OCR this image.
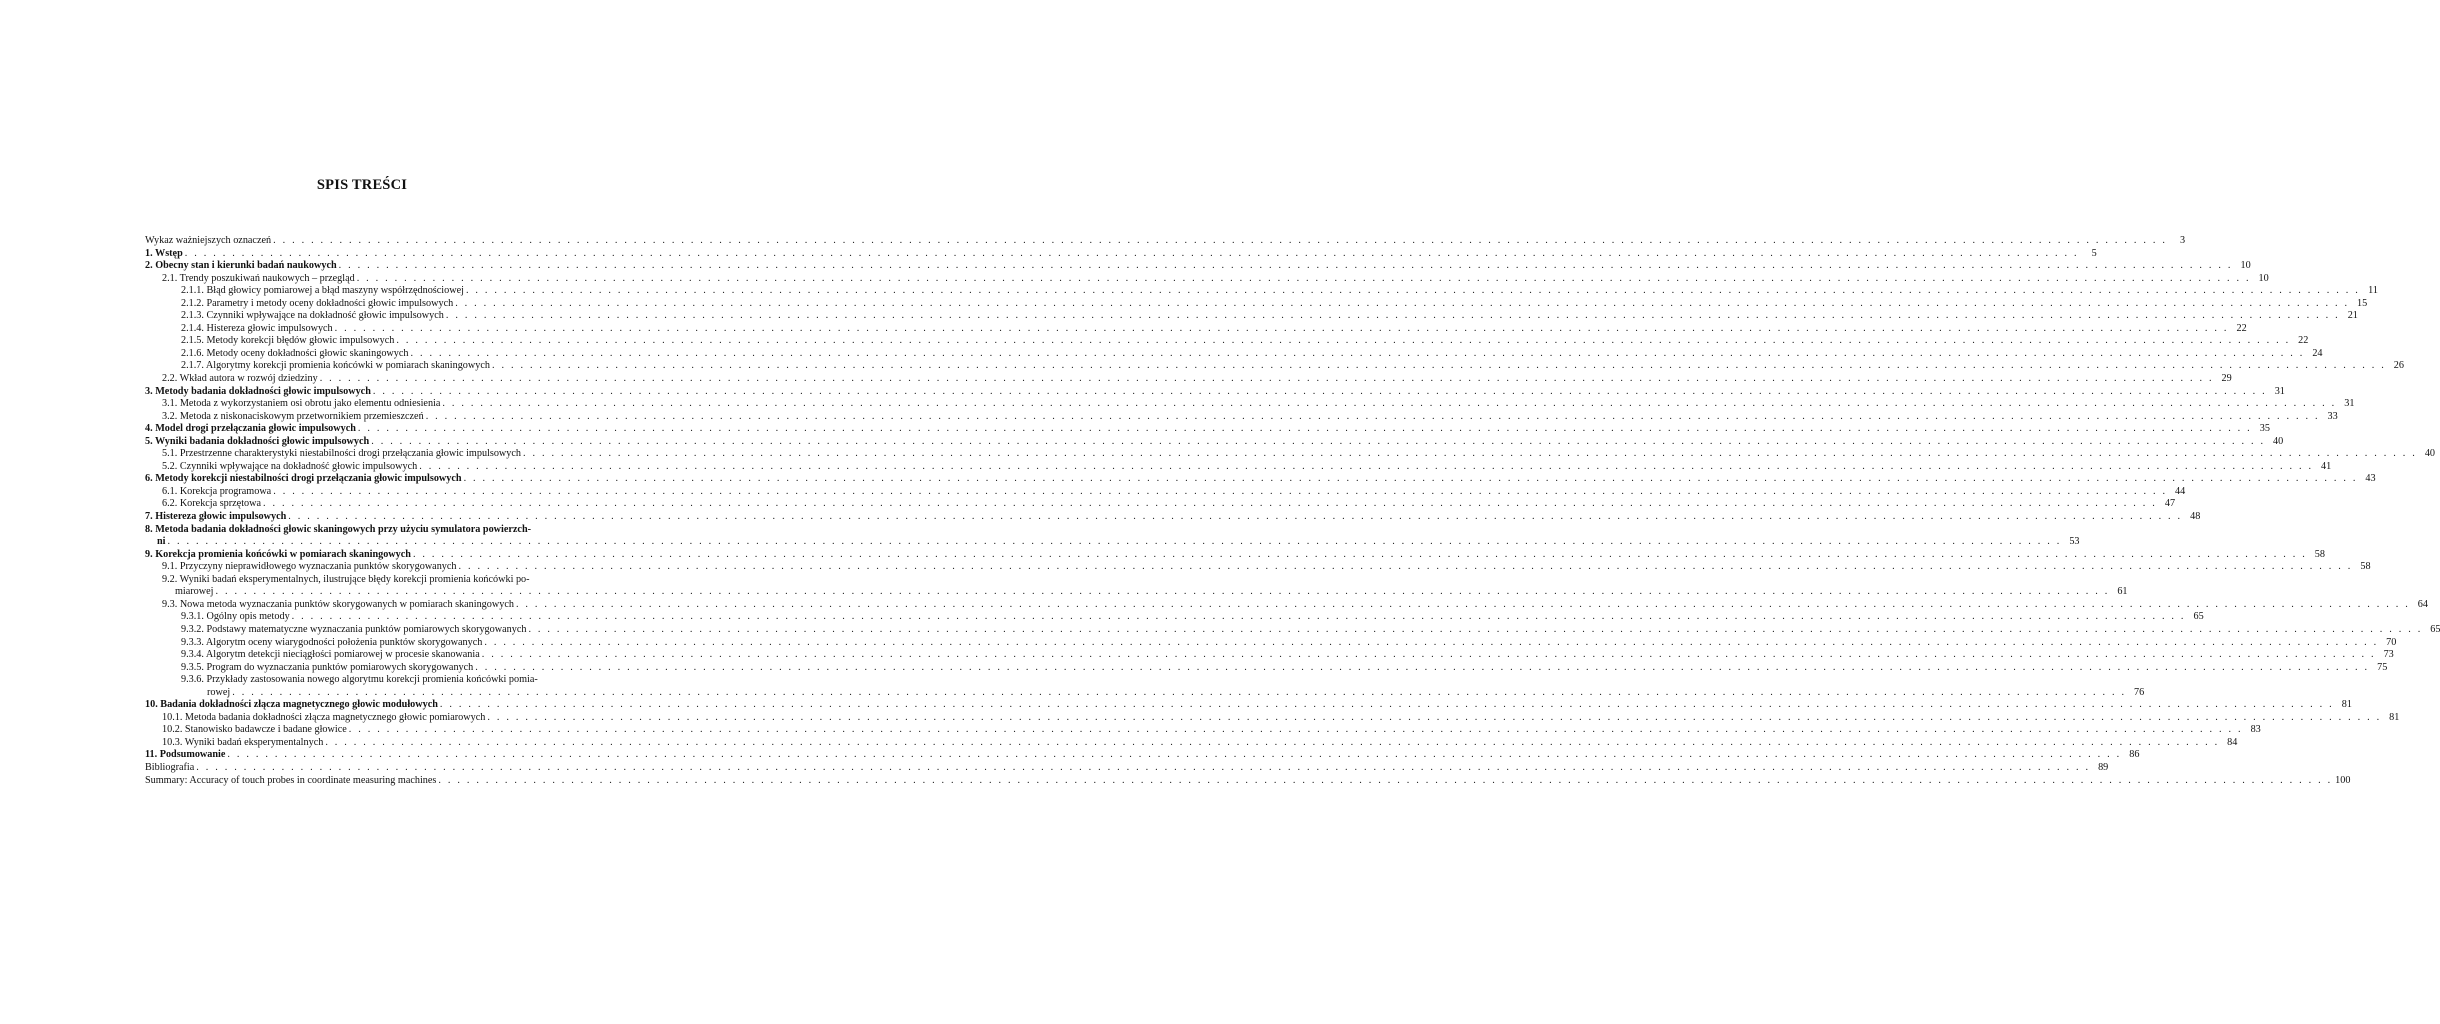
SPIS TREŚCI
Wykaz ważniejszych oznaczeń . . . . . . . . . . . . . . . . . . . . . . . . . . . . . . . . . . . . . . . . . . . . . . . . . . . . . . . . . . . . . . . . . . . . . . . . . . . . . . . . . . . . . . . . . . . . . . . . . . . . . . . . . . . . . . . . . . . . . . . . . . . . . . . . . . . . . . . . . . . . . . . . . . . . . . . . . . . . . . . . . . . . . . . . . . . . . . . . . . . . . . . . . . . . . . . . . . . . . . . .	3
1. Wstęp . . . . . . . . . . . . . . . . . . . . . . . . . . . . . . . . . . . . . . . . . . . . . . . . . . . . . . . . . . . . . . . . . . . . . . . . . . . . . . . . . . . . . . . . . . . . . . . . . . . . . . . . . . . . . . . . . . . . . . . . . . . . . . . . . . . . . . . . . . . . . . . . . . . . . . . . . . . . . . . . . . . . . . . . . . . . . . . . . . . . . . . . . . . . . . . . . . . . . . . .	5
2. Obecny stan i kierunki badań naukowych . . . . . . . . . . . . . . . . . . . . . . . . . . . . . . . . . . . . . . . . . . . . . . . . . . . . . . . . . . . . . . . . . . . . . . . . . . . . . . . . . . . . . . . . . . . . . . . . . . . . . . . . . . . . . . . . . . . . . . . . . . . . . . . . . . . . . . . . . . . . . . . . . . . . . . . . . . . . . . . . . . . . . . . . . . . . . . . . . . . . . . . . . . . . . . . . . . . . . . . . 10
2.1. Trendy poszukiwań naukowych – przegląd . . . . . . . . . . . . . . . . . . . . . . . . . . . . . . . . . . . . . . . . . . . . . . . . . . . . . . . . . . . . . . . . . . . . . . . . . . . . . . . . . . . . . . . . . . . . . . . . . . . . . . . . . . . . . . . . . . . . . . . . . . . . . . . . . . . . . . . . . . . . . . . . . . . . . . . . . . . . . . . . . . . . . . . . . . . . . . . . . . . . . . . . . . . . . . . . . . . . . . . . 10
2.1.1. Błąd głowicy pomiarowej a błąd maszyny współrzędnościowej . . . . . . . . . . . . . . . . . . . . . . . . . . . . . . . . . . . . . . . . . . . . . . . . . . . . . . . . . . . . . . . . . . . . . . . . . . . . . . . . . . . . . . . . . . . . . . . . . . . . . . . . . . . . . . . . . . . . . . . . . . . . . . . . . . . . . . . . . . . . . . . . . . . . . . . . . . . . . . . . . . . . . . . . . . . . . . . . . . . . . . . . . . . . . . . . . . . . . . . . 11
2.1.2. Parametry i metody oceny dokładności głowic impulsowych . . . . . . . . . . . . . . . . . . . . . . . . . . . . . . . . . . . . . . . . . . . . . . . . . . . . . . . . . . . . . . . . . . . . . . . . . . . . . . . . . . . . . . . . . . . . . . . . . . . . . . . . . . . . . . . . . . . . . . . . . . . . . . . . . . . . . . . . . . . . . . . . . . . . . . . . . . . . . . . . . . . . . . . . . . . . . . . . . . . . . . . . . . . . . . . . . . . . . . . . 15
2.1.3. Czynniki wpływające na dokładność głowic impulsowych . . . . . . . . . . . . . . . . . . . . . . . . . . . . . . . . . . . . . . . . . . . . . . . . . . . . . . . . . . . . . . . . . . . . . . . . . . . . . . . . . . . . . . . . . . . . . . . . . . . . . . . . . . . . . . . . . . . . . . . . . . . . . . . . . . . . . . . . . . . . . . . . . . . . . . . . . . . . . . . . . . . . . . . . . . . . . . . . . . . . . . . . . . . . . . . . . . . . . . . . 21
2.1.4. Histereza głowic impulsowych . . . . . . . . . . . . . . . . . . . . . . . . . . . . . . . . . . . . . . . . . . . . . . . . . . . . . . . . . . . . . . . . . . . . . . . . . . . . . . . . . . . . . . . . . . . . . . . . . . . . . . . . . . . . . . . . . . . . . . . . . . . . . . . . . . . . . . . . . . . . . . . . . . . . . . . . . . . . . . . . . . . . . . . . . . . . . . . . . . . . . . . . . . . . . . . . . . . . . . . . 22
2.1.5. Metody korekcji błędów głowic impulsowych . . . . . . . . . . . . . . . . . . . . . . . . . . . . . . . . . . . . . . . . . . . . . . . . . . . . . . . . . . . . . . . . . . . . . . . . . . . . . . . . . . . . . . . . . . . . . . . . . . . . . . . . . . . . . . . . . . . . . . . . . . . . . . . . . . . . . . . . . . . . . . . . . . . . . . . . . . . . . . . . . . . . . . . . . . . . . . . . . . . . . . . . . . . . . . . . . . . . . . . . 22
2.1.6. Metody oceny dokładności głowic skaningowych . . . . . . . . . . . . . . . . . . . . . . . . . . . . . . . . . . . . . . . . . . . . . . . . . . . . . . . . . . . . . . . . . . . . . . . . . . . . . . . . . . . . . . . . . . . . . . . . . . . . . . . . . . . . . . . . . . . . . . . . . . . . . . . . . . . . . . . . . . . . . . . . . . . . . . . . . . . . . . . . . . . . . . . . . . . . . . . . . . . . . . . . . . . . . . . . . . . . . . . . 24
2.1.7. Algorytmy korekcji promienia końcówki w pomiarach skaningowych . . . . . . . . . . . . . . . . . . . . . . . . . . . . . . . . . . . . . . . . . . . . . . . . . . . . . . . . . . . . . . . . . . . . . . . . . . . . . . . . . . . . . . . . . . . . . . . . . . . . . . . . . . . . . . . . . . . . . . . . . . . . . . . . . . . . . . . . . . . . . . . . . . . . . . . . . . . . . . . . . . . . . . . . . . . . . . . . . . . . . . . . . . . . . . . . . . . . . . . . 26
2.2. Wkład autora w rozwój dziedziny . . . . . . . . . . . . . . . . . . . . . . . . . . . . . . . . . . . . . . . . . . . . . . . . . . . . . . . . . . . . . . . . . . . . . . . . . . . . . . . . . . . . . . . . . . . . . . . . . . . . . . . . . . . . . . . . . . . . . . . . . . . . . . . . . . . . . . . . . . . . . . . . . . . . . . . . . . . . . . . . . . . . . . . . . . . . . . . . . . . . . . . . . . . . . . . . . . . . . . . . 29
3. Metody badania dokładności głowic impulsowych . . . . . . . . . . . . . . . . . . . . . . . . . . . . . . . . . . . . . . . . . . . . . . . . . . . . . . . . . . . . . . . . . . . . . . . . . . . . . . . . . . . . . . . . . . . . . . . . . . . . . . . . . . . . . . . . . . . . . . . . . . . . . . . . . . . . . . . . . . . . . . . . . . . . . . . . . . . . . . . . . . . . . . . . . . . . . . . . . . . . . . . . . . . . . . . . . . . . . . . . 31
3.1. Metoda z wykorzystaniem osi obrotu jako elementu odniesienia . . . . . . . . . . . . . . . . . . . . . . . . . . . . . . . . . . . . . . . . . . . . . . . . . . . . . . . . . . . . . . . . . . . . . . . . . . . . . . . . . . . . . . . . . . . . . . . . . . . . . . . . . . . . . . . . . . . . . . . . . . . . . . . . . . . . . . . . . . . . . . . . . . . . . . . . . . . . . . . . . . . . . . . . . . . . . . . . . . . . . . . . . . . . . . . . . . . . . . . . 31
3.2. Metoda z niskonaciskowym przetwornikiem przemieszczeń . . . . . . . . . . . . . . . . . . . . . . . . . . . . . . . . . . . . . . . . . . . . . . . . . . . . . . . . . . . . . . . . . . . . . . . . . . . . . . . . . . . . . . . . . . . . . . . . . . . . . . . . . . . . . . . . . . . . . . . . . . . . . . . . . . . . . . . . . . . . . . . . . . . . . . . . . . . . . . . . . . . . . . . . . . . . . . . . . . . . . . . . . . . . . . . . . . . . . . . . 33
4. Model drogi przełączania głowic impulsowych . . . . . . . . . . . . . . . . . . . . . . . . . . . . . . . . . . . . . . . . . . . . . . . . . . . . . . . . . . . . . . . . . . . . . . . . . . . . . . . . . . . . . . . . . . . . . . . . . . . . . . . . . . . . . . . . . . . . . . . . . . . . . . . . . . . . . . . . . . . . . . . . . . . . . . . . . . . . . . . . . . . . . . . . . . . . . . . . . . . . . . . . . . . . . . . . . . . . . . . . 35
5. Wyniki badania dokładności głowic impulsowych . . . . . . . . . . . . . . . . . . . . . . . . . . . . . . . . . . . . . . . . . . . . . . . . . . . . . . . . . . . . . . . . . . . . . . . . . . . . . . . . . . . . . . . . . . . . . . . . . . . . . . . . . . . . . . . . . . . . . . . . . . . . . . . . . . . . . . . . . . . . . . . . . . . . . . . . . . . . . . . . . . . . . . . . . . . . . . . . . . . . . . . . . . . . . . . . . . . . . . . . 40
5.1. Przestrzenne charakterystyki niestabilności drogi przełączania głowic impulsowych . . . . . . . . . . . . . . . . . . . . . . . . . . . . . . . . . . . . . . . . . . . . . . . . . . . . . . . . . . . . . . . . . . . . . . . . . . . . . . . . . . . . . . . . . . . . . . . . . . . . . . . . . . . . . . . . . . . . . . . . . . . . . . . . . . . . . . . . . . . . . . . . . . . . . . . . . . . . . . . . . . . . . . . . . . . . . . . . . . . . . . . . . . . . . . . . . . . . . . . . 40
5.2. Czynniki wpływające na dokładność głowic impulsowych . . . . . . . . . . . . . . . . . . . . . . . . . . . . . . . . . . . . . . . . . . . . . . . . . . . . . . . . . . . . . . . . . . . . . . . . . . . . . . . . . . . . . . . . . . . . . . . . . . . . . . . . . . . . . . . . . . . . . . . . . . . . . . . . . . . . . . . . . . . . . . . . . . . . . . . . . . . . . . . . . . . . . . . . . . . . . . . . . . . . . . . . . . . . . . . . . . . . . . . . 41
6. Metody korekcji niestabilności drogi przełączania głowic impulsowych . . . . . . . . . . . . . . . . . . . . . . . . . . . . . . . . . . . . . . . . . . . . . . . . . . . . . . . . . . . . . . . . . . . . . . . . . . . . . . . . . . . . . . . . . . . . . . . . . . . . . . . . . . . . . . . . . . . . . . . . . . . . . . . . . . . . . . . . . . . . . . . . . . . . . . . . . . . . . . . . . . . . . . . . . . . . . . . . . . . . . . . . . . . . . . . . . . . . . . . . 43
6.1. Korekcja programowa . . . . . . . . . . . . . . . . . . . . . . . . . . . . . . . . . . . . . . . . . . . . . . . . . . . . . . . . . . . . . . . . . . . . . . . . . . . . . . . . . . . . . . . . . . . . . . . . . . . . . . . . . . . . . . . . . . . . . . . . . . . . . . . . . . . . . . . . . . . . . . . . . . . . . . . . . . . . . . . . . . . . . . . . . . . . . . . . . . . . . . . . . . . . . . . . . . . . . . . . 44
6.2. Korekcja sprzętowa . . . . . . . . . . . . . . . . . . . . . . . . . . . . . . . . . . . . . . . . . . . . . . . . . . . . . . . . . . . . . . . . . . . . . . . . . . . . . . . . . . . . . . . . . . . . . . . . . . . . . . . . . . . . . . . . . . . . . . . . . . . . . . . . . . . . . . . . . . . . . . . . . . . . . . . . . . . . . . . . . . . . . . . . . . . . . . . . . . . . . . . . . . . . . . . . . . . . . . . . 47
7. Histereza głowic impulsowych . . . . . . . . . . . . . . . . . . . . . . . . . . . . . . . . . . . . . . . . . . . . . . . . . . . . . . . . . . . . . . . . . . . . . . . . . . . . . . . . . . . . . . . . . . . . . . . . . . . . . . . . . . . . . . . . . . . . . . . . . . . . . . . . . . . . . . . . . . . . . . . . . . . . . . . . . . . . . . . . . . . . . . . . . . . . . . . . . . . . . . . . . . . . . . . . . . . . . . . . 48
8. Metoda badania dokładności głowic skaningowych przy użyciu symulatora powierzch-
ni . . . . . . . . . . . . . . . . . . . . . . . . . . . . . . . . . . . . . . . . . . . . . . . . . . . . . . . . . . . . . . . . . . . . . . . . . . . . . . . . . . . . . . . . . . . . . . . . . . . . . . . . . . . . . . . . . . . . . . . . . . . . . . . . . . . . . . . . . . . . . . . . . . . . . . . . . . . . . . . . . . . . . . . . . . . . . . . . . . . . . . . . . . . . . . . . . . . . . . . . 53
9. Korekcja promienia końcówki w pomiarach skaningowych . . . . . . . . . . . . . . . . . . . . . . . . . . . . . . . . . . . . . . . . . . . . . . . . . . . . . . . . . . . . . . . . . . . . . . . . . . . . . . . . . . . . . . . . . . . . . . . . . . . . . . . . . . . . . . . . . . . . . . . . . . . . . . . . . . . . . . . . . . . . . . . . . . . . . . . . . . . . . . . . . . . . . . . . . . . . . . . . . . . . . . . . . . . . . . . . . . . . . . . . 58
9.1. Przyczyny nieprawidłowego wyznaczania punktów skorygowanych . . . . . . . . . . . . . . . . . . . . . . . . . . . . . . . . . . . . . . . . . . . . . . . . . . . . . . . . . . . . . . . . . . . . . . . . . . . . . . . . . . . . . . . . . . . . . . . . . . . . . . . . . . . . . . . . . . . . . . . . . . . . . . . . . . . . . . . . . . . . . . . . . . . . . . . . . . . . . . . . . . . . . . . . . . . . . . . . . . . . . . . . . . . . . . . . . . . . . . . . 58
9.2. Wyniki badań eksperymentalnych, ilustrujące błędy korekcji promienia końcówki po-
miarowej . . . . . . . . . . . . . . . . . . . . . . . . . . . . . . . . . . . . . . . . . . . . . . . . . . . . . . . . . . . . . . . . . . . . . . . . . . . . . . . . . . . . . . . . . . . . . . . . . . . . . . . . . . . . . . . . . . . . . . . . . . . . . . . . . . . . . . . . . . . . . . . . . . . . . . . . . . . . . . . . . . . . . . . . . . . . . . . . . . . . . . . . . . . . . . . . . . . . . . . . 61
9.3. Nowa metoda wyznaczania punktów skorygowanych w pomiarach skaningowych . . . . . . . . . . . . . . . . . . . . . . . . . . . . . . . . . . . . . . . . . . . . . . . . . . . . . . . . . . . . . . . . . . . . . . . . . . . . . . . . . . . . . . . . . . . . . . . . . . . . . . . . . . . . . . . . . . . . . . . . . . . . . . . . . . . . . . . . . . . . . . . . . . . . . . . . . . . . . . . . . . . . . . . . . . . . . . . . . . . . . . . . . . . . . . . . . . . . . . . . 64
9.3.1. Ogólny opis metody . . . . . . . . . . . . . . . . . . . . . . . . . . . . . . . . . . . . . . . . . . . . . . . . . . . . . . . . . . . . . . . . . . . . . . . . . . . . . . . . . . . . . . . . . . . . . . . . . . . . . . . . . . . . . . . . . . . . . . . . . . . . . . . . . . . . . . . . . . . . . . . . . . . . . . . . . . . . . . . . . . . . . . . . . . . . . . . . . . . . . . . . . . . . . . . . . . . . . . . . 65
9.3.2. Podstawy matematyczne wyznaczania punktów pomiarowych skorygowanych . . . . . . . . . . . . . . . . . . . . . . . . . . . . . . . . . . . . . . . . . . . . . . . . . . . . . . . . . . . . . . . . . . . . . . . . . . . . . . . . . . . . . . . . . . . . . . . . . . . . . . . . . . . . . . . . . . . . . . . . . . . . . . . . . . . . . . . . . . . . . . . . . . . . . . . . . . . . . . . . . . . . . . . . . . . . . . . . . . . . . . . . . . . . . . . . . . . . . . . . 65
9.3.3. Algorytm oceny wiarygodności położenia punktów skorygowanych . . . . . . . . . . . . . . . . . . . . . . . . . . . . . . . . . . . . . . . . . . . . . . . . . . . . . . . . . . . . . . . . . . . . . . . . . . . . . . . . . . . . . . . . . . . . . . . . . . . . . . . . . . . . . . . . . . . . . . . . . . . . . . . . . . . . . . . . . . . . . . . . . . . . . . . . . . . . . . . . . . . . . . . . . . . . . . . . . . . . . . . . . . . . . . . . . . . . . . . . 70
9.3.4. Algorytm detekcji nieciągłości pomiarowej w procesie skanowania . . . . . . . . . . . . . . . . . . . . . . . . . . . . . . . . . . . . . . . . . . . . . . . . . . . . . . . . . . . . . . . . . . . . . . . . . . . . . . . . . . . . . . . . . . . . . . . . . . . . . . . . . . . . . . . . . . . . . . . . . . . . . . . . . . . . . . . . . . . . . . . . . . . . . . . . . . . . . . . . . . . . . . . . . . . . . . . . . . . . . . . . . . . . . . . . . . . . . . . . 73
9.3.5. Program do wyznaczania punktów pomiarowych skorygowanych . . . . . . . . . . . . . . . . . . . . . . . . . . . . . . . . . . . . . . . . . . . . . . . . . . . . . . . . . . . . . . . . . . . . . . . . . . . . . . . . . . . . . . . . . . . . . . . . . . . . . . . . . . . . . . . . . . . . . . . . . . . . . . . . . . . . . . . . . . . . . . . . . . . . . . . . . . . . . . . . . . . . . . . . . . . . . . . . . . . . . . . . . . . . . . . . . . . . . . . . 75
9.3.6. Przykłady zastosowania nowego algorytmu korekcji promienia końcówki pomia-
rowej . . . . . . . . . . . . . . . . . . . . . . . . . . . . . . . . . . . . . . . . . . . . . . . . . . . . . . . . . . . . . . . . . . . . . . . . . . . . . . . . . . . . . . . . . . . . . . . . . . . . . . . . . . . . . . . . . . . . . . . . . . . . . . . . . . . . . . . . . . . . . . . . . . . . . . . . . . . . . . . . . . . . . . . . . . . . . . . . . . . . . . . . . . . . . . . . . . . . . . . . 76
10. Badania dokładności złącza magnetycznego głowic modułowych . . . . . . . . . . . . . . . . . . . . . . . . . . . . . . . . . . . . . . . . . . . . . . . . . . . . . . . . . . . . . . . . . . . . . . . . . . . . . . . . . . . . . . . . . . . . . . . . . . . . . . . . . . . . . . . . . . . . . . . . . . . . . . . . . . . . . . . . . . . . . . . . . . . . . . . . . . . . . . . . . . . . . . . . . . . . . . . . . . . . . . . . . . . . . . . . . . . . . . . . 81
10.1. Metoda badania dokładności złącza magnetycznego głowic pomiarowych . . . . . . . . . . . . . . . . . . . . . . . . . . . . . . . . . . . . . . . . . . . . . . . . . . . . . . . . . . . . . . . . . . . . . . . . . . . . . . . . . . . . . . . . . . . . . . . . . . . . . . . . . . . . . . . . . . . . . . . . . . . . . . . . . . . . . . . . . . . . . . . . . . . . . . . . . . . . . . . . . . . . . . . . . . . . . . . . . . . . . . . . . . . . . . . . . . . . . . . . 81
10.2. Stanowisko badawcze i badane głowice . . . . . . . . . . . . . . . . . . . . . . . . . . . . . . . . . . . . . . . . . . . . . . . . . . . . . . . . . . . . . . . . . . . . . . . . . . . . . . . . . . . . . . . . . . . . . . . . . . . . . . . . . . . . . . . . . . . . . . . . . . . . . . . . . . . . . . . . . . . . . . . . . . . . . . . . . . . . . . . . . . . . . . . . . . . . . . . . . . . . . . . . . . . . . . . . . . . . . . . . 83
10.3. Wyniki badań eksperymentalnych . . . . . . . . . . . . . . . . . . . . . . . . . . . . . . . . . . . . . . . . . . . . . . . . . . . . . . . . . . . . . . . . . . . . . . . . . . . . . . . . . . . . . . . . . . . . . . . . . . . . . . . . . . . . . . . . . . . . . . . . . . . . . . . . . . . . . . . . . . . . . . . . . . . . . . . . . . . . . . . . . . . . . . . . . . . . . . . . . . . . . . . . . . . . . . . . . . . . . . . . 84
11. Podsumowanie . . . . . . . . . . . . . . . . . . . . . . . . . . . . . . . . . . . . . . . . . . . . . . . . . . . . . . . . . . . . . . . . . . . . . . . . . . . . . . . . . . . . . . . . . . . . . . . . . . . . . . . . . . . . . . . . . . . . . . . . . . . . . . . . . . . . . . . . . . . . . . . . . . . . . . . . . . . . . . . . . . . . . . . . . . . . . . . . . . . . . . . . . . . . . . . . . . . . . . . . 86
Bibliografia . . . . . . . . . . . . . . . . . . . . . . . . . . . . . . . . . . . . . . . . . . . . . . . . . . . . . . . . . . . . . . . . . . . . . . . . . . . . . . . . . . . . . . . . . . . . . . . . . . . . . . . . . . . . . . . . . . . . . . . . . . . . . . . . . . . . . . . . . . . . . . . . . . . . . . . . . . . . . . . . . . . . . . . . . . . . . . . . . . . . . . . . . . . . . . . . . . . . . . . . 89
Summary: Accuracy of touch probes in coordinate measuring machines . . . . . . . . . . . . . . . . . . . . . . . . . . . . . . . . . . . . . . . . . . . . . . . . . . . . . . . . . . . . . . . . . . . . . . . . . . . . . . . . . . . . . . . . . . . . . . . . . . . . . . . . . . . . . . . . . . . . . . . . . . . . . . . . . . . . . . . . . . . . . . . . . . . . . . . . . . . . . . . . . . . . . . . . . . . . . . . . . . . . . . . . . . . . . . . . . . . . . . . . 100
